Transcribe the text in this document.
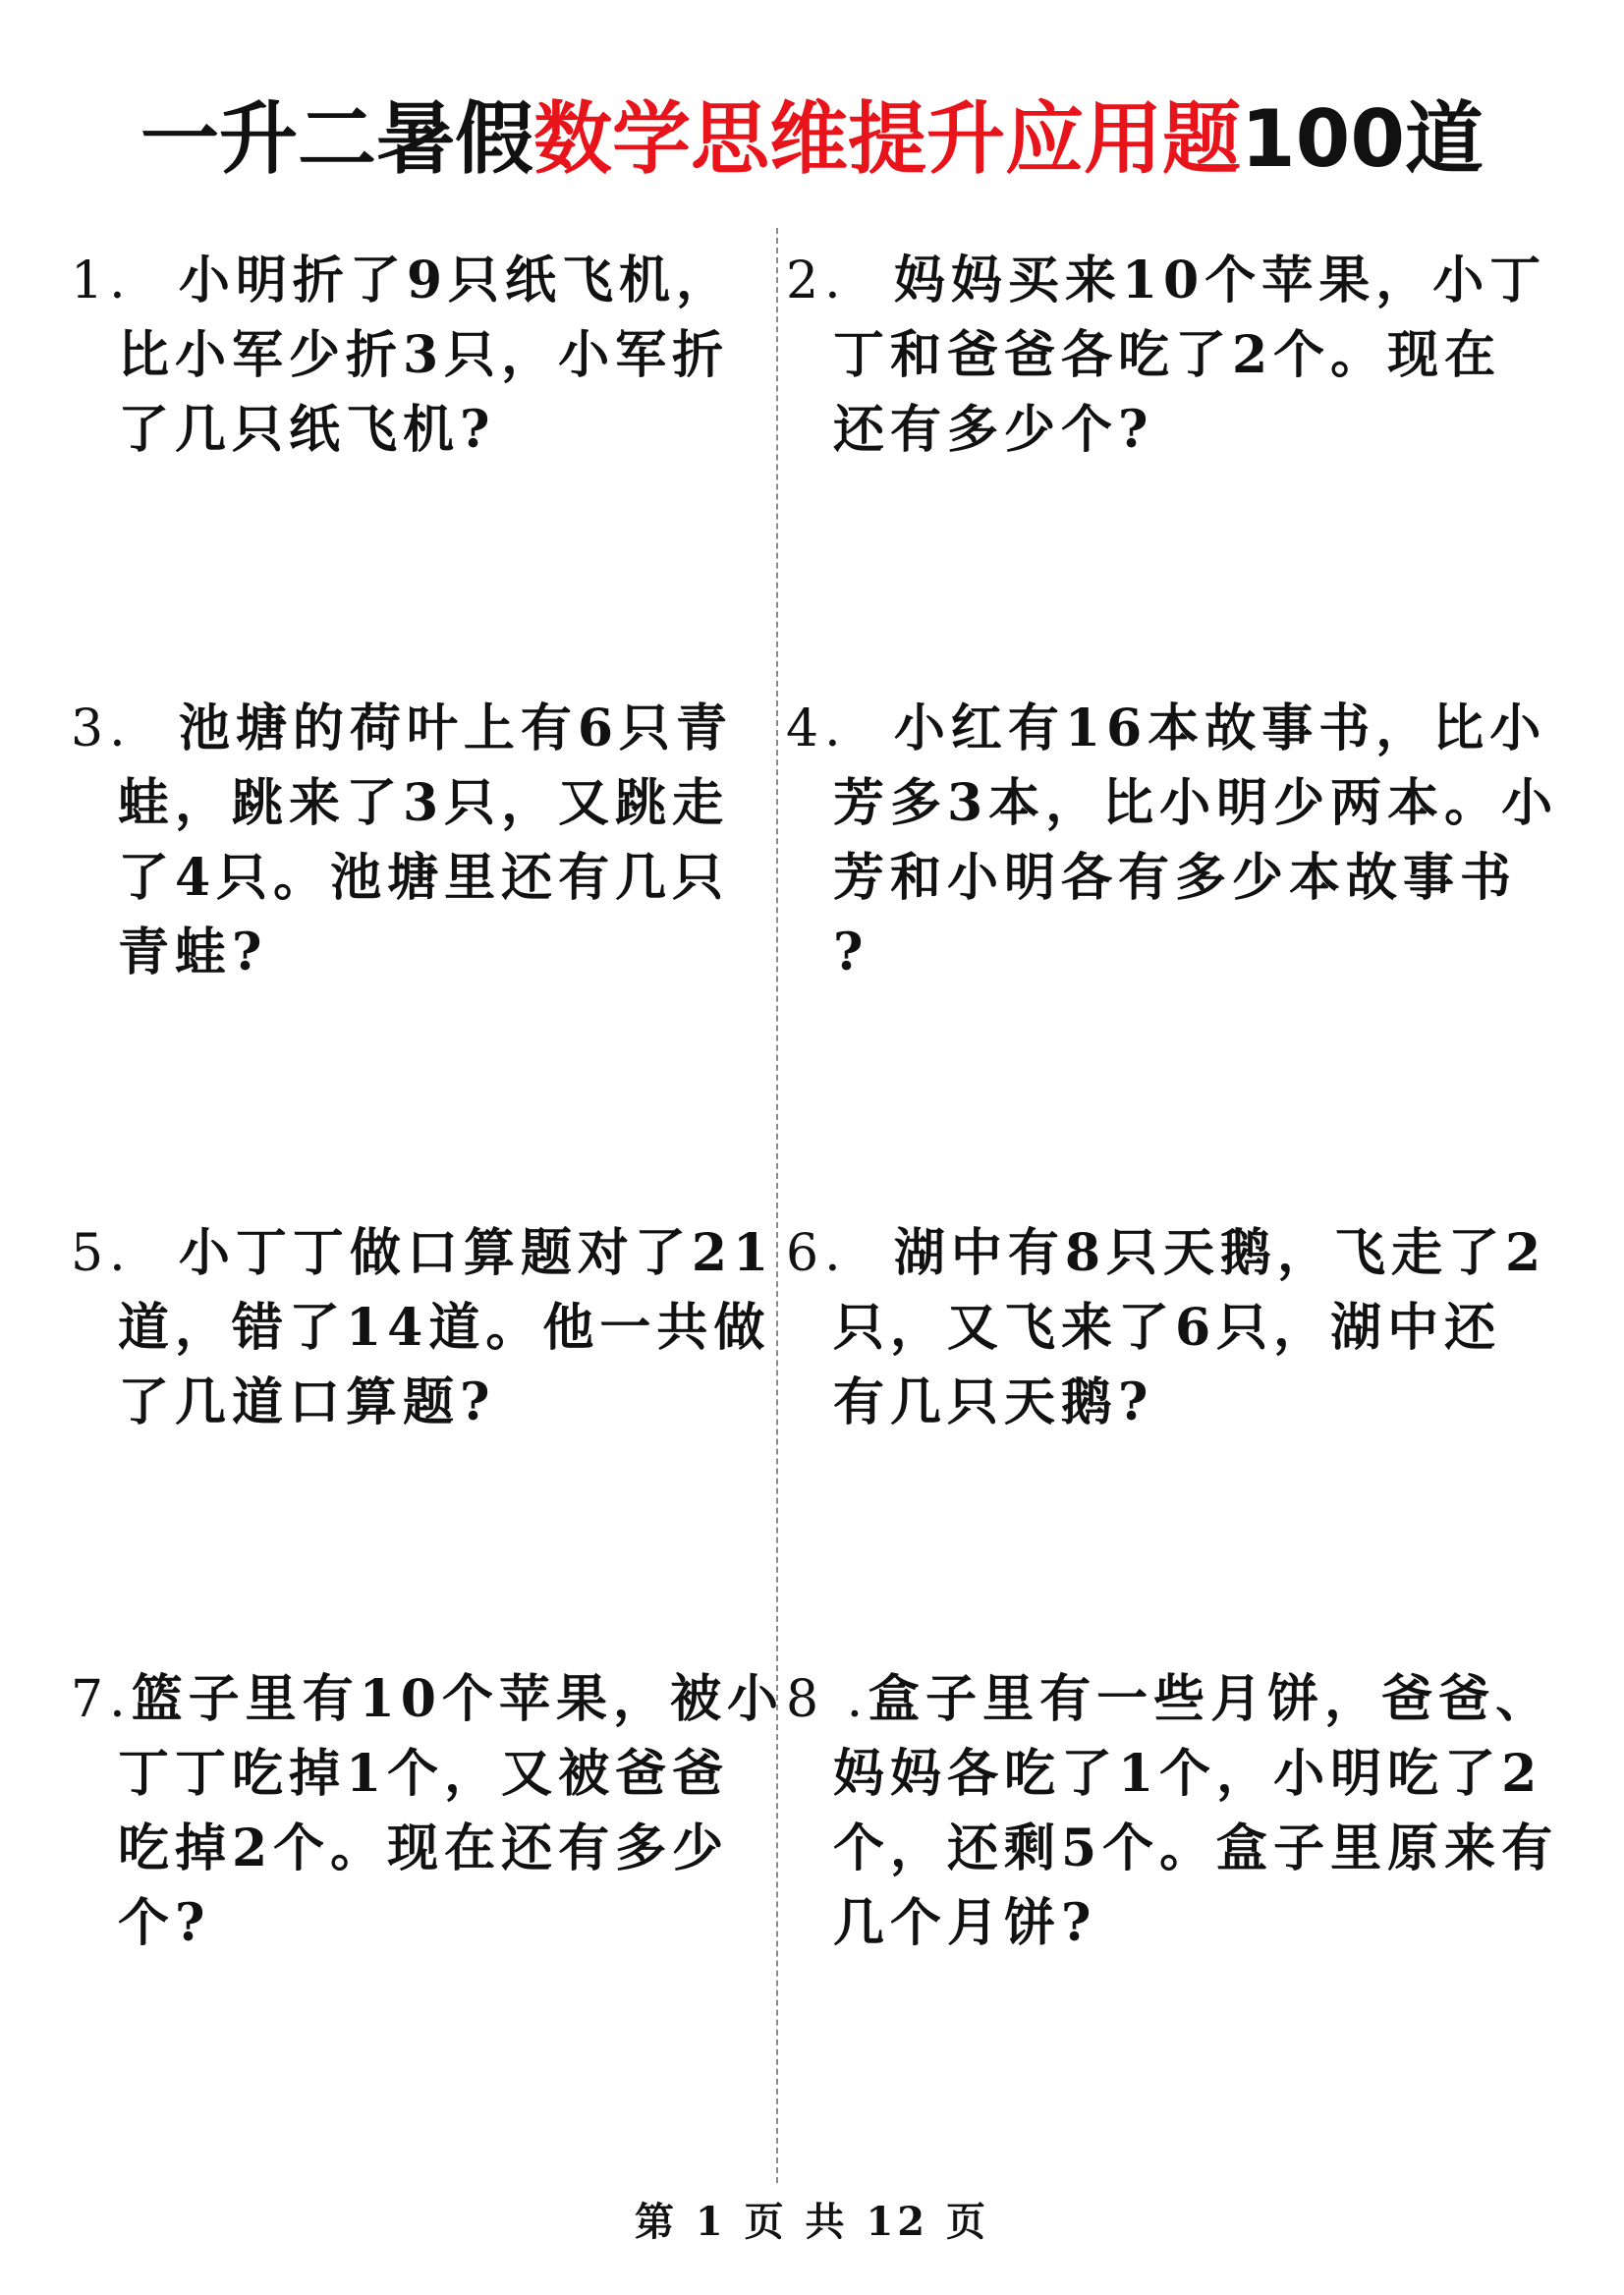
一升二暑假数学思维提升应用题100道
1. 小明折了9只纸飞机，
比小军少折3只，小军折
了几只纸飞机?
2. 妈妈买来10个苹果，小丁
丁和爸爸各吃了2个。现在
还有多少个?
3. 池塘的荷叶上有6只青
蛙，跳来了3只，又跳走
了4只。池塘里还有几只
青蛙?
4. 小红有16本故事书，比小
芳多3本，比小明少两本。小
芳和小明各有多少本故事书
?
5. 小丁丁做口算题对了21
道，错了14道。他一共做
了几道口算题?
6. 湖中有8只天鹅，飞走了2
只，又飞来了6只，湖中还
有几只天鹅?
7.篮子里有10个苹果，被小
丁丁吃掉1个，又被爸爸
吃掉2个。现在还有多少
个?
8 .盒子里有一些月饼，爸爸、
妈妈各吃了1个，小明吃了2
个，还剩5个。盒子里原来有
几个月饼?
第 1 页 共 12 页
